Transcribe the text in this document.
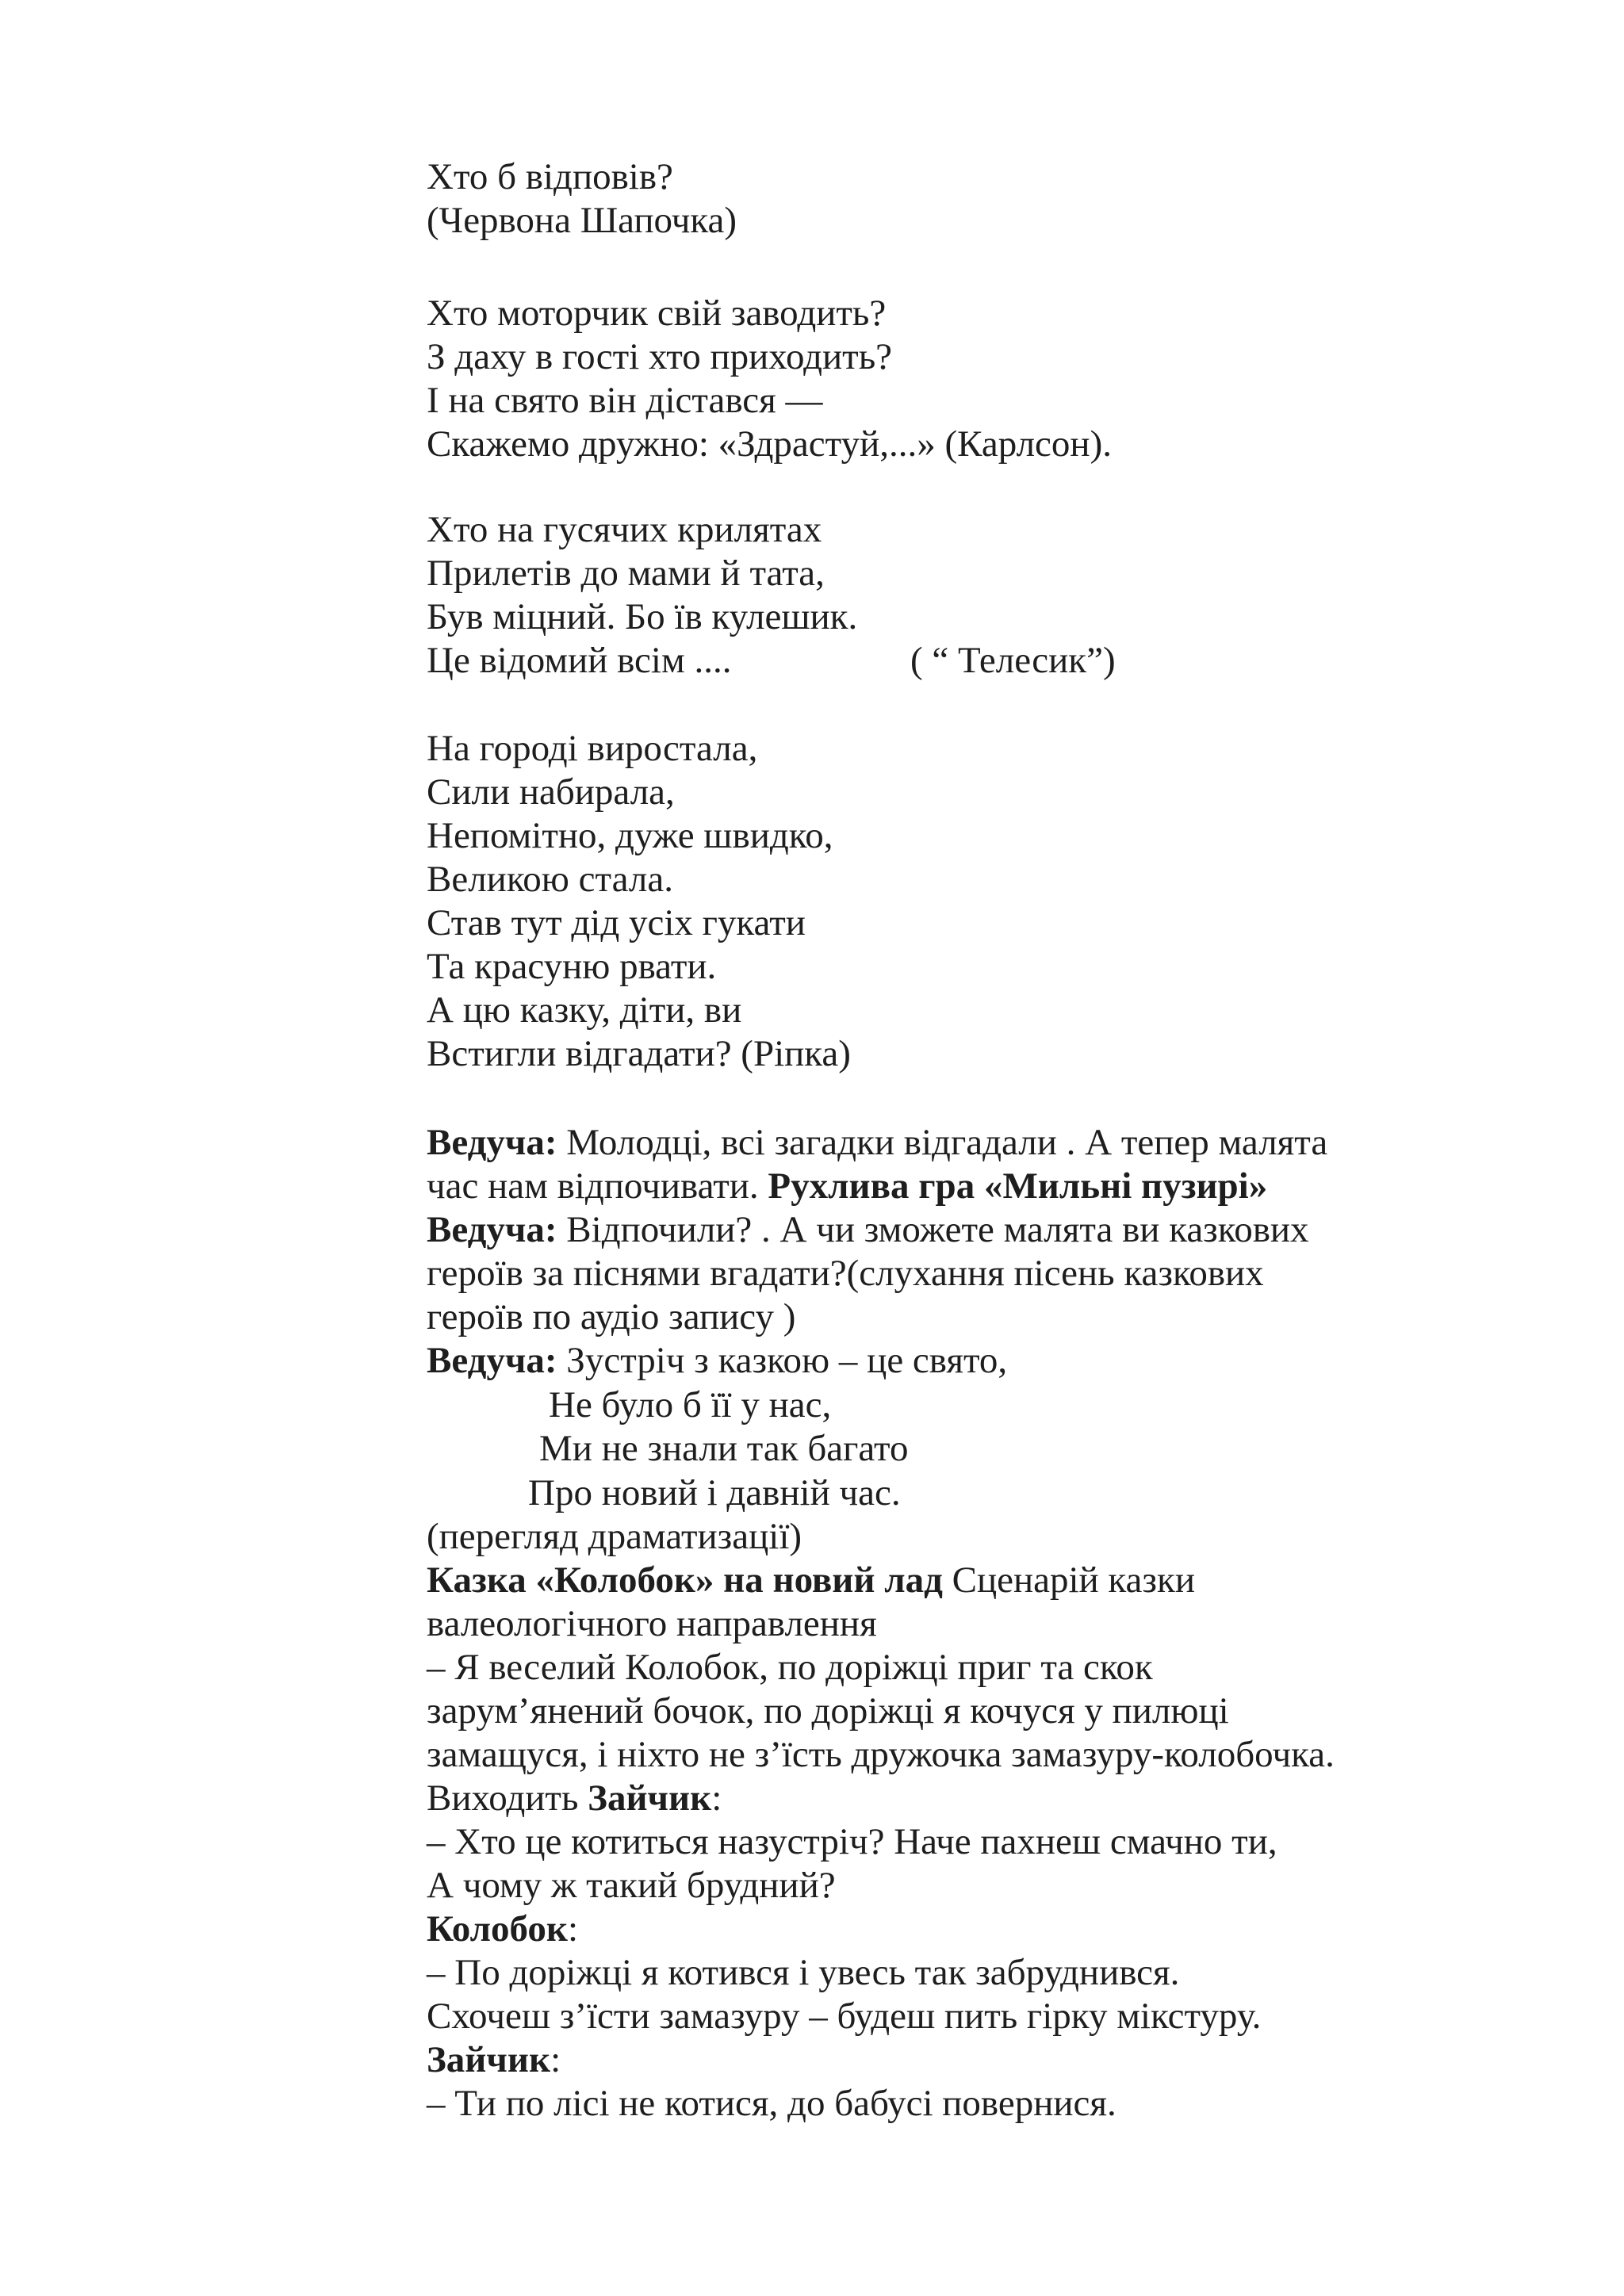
Хто б відповів?

(Червона Шапочка)

Хто моторчик свій заводить?

З даху в гості хто приходить?

І на свято він дістався —

Скажемо дружно: «Здрастуй,...» (Карлсон).

Хто на гусячих крилятах

Прилетів до мами й тата,

Був міцний. Бо їв кулешик.

Це відомий всім ....	( “ Телесик”)

На городі виростала,

Сили набирала,

Непомітно, дуже швидко,

Великою стала.

Став тут дід усіх гукати

Та красуню рвати.

А цю казку, діти, ви

Встигли відгадати? (Ріпка)

Ведуча: Молодці, всі загадки відгадали . А тепер малята

час нам відпочивати. Рухлива гра «Мильні пузирі»

Ведуча: Відпочили? . А чи зможете малята ви казкових

героїв за піснями вгадати?(слухання пісень казкових

героїв по аудіо запису )

Ведуча: Зустріч з казкою – це свято,

Не було б її у нас,

Ми не знали так багато

Про новий і давній час.

(перегляд драматизації)

Казка «Колобок» на новий лад Сценарій казки

валеологічного направлення

– Я веселий Колобок, по доріжці приг та скок

зарум’янений бочок, по доріжці я кочуся у пилюці

замащуся, і ніхто не з’їсть дружочка замазуру-колобочка.

Виходить Зайчик:

– Хто це котиться назустріч? Наче пахнеш смачно ти,

А чому ж такий брудний?

Колобок:

– По доріжці я котився і увесь так забруднився.

Схочеш з’їсти замазуру – будеш пить гірку мікстуру.

Зайчик:

– Ти по лісі не котися, до бабусі повернися.
